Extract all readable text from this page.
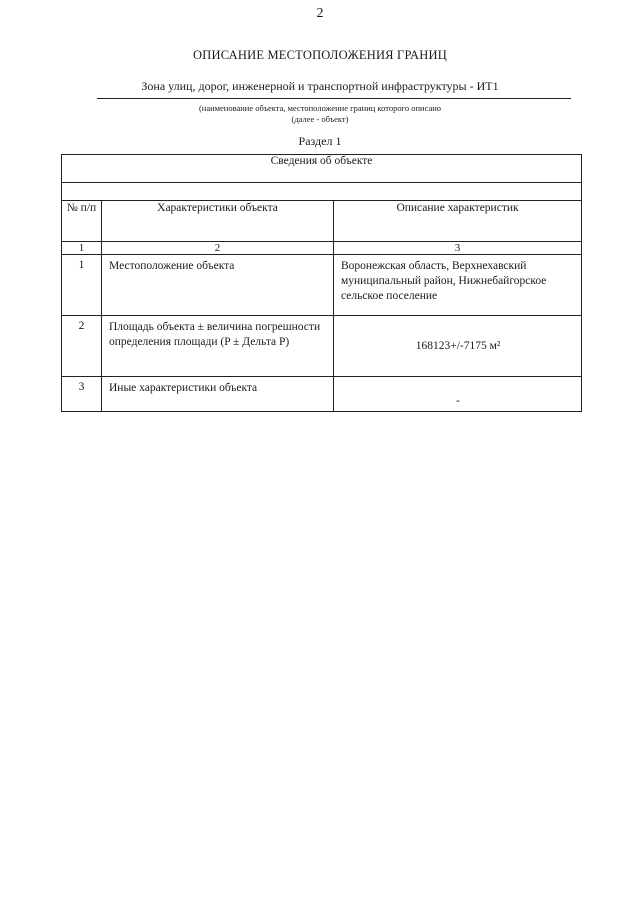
2
ОПИСАНИЕ МЕСТОПОЛОЖЕНИЯ ГРАНИЦ
Зона улиц, дорог, инженерной и транспортной инфраструктуры - ИТ1
(наименование объекта, местоположение границ которого описано
(далее - объект)
Раздел 1
Сведения об объекте		

№ п/п	Характеристики объекта	Описание характеристик
1	2	3
1	Местоположение объекта	Воронежская область, Верхнехавский муниципальный район, Нижнебайгорское сельское поселение
2	Площадь объекта ± величина погрешности определения площади (P ± Дельта P)	168123+/-7175 м²
3	Иные характеристики объекта	-
